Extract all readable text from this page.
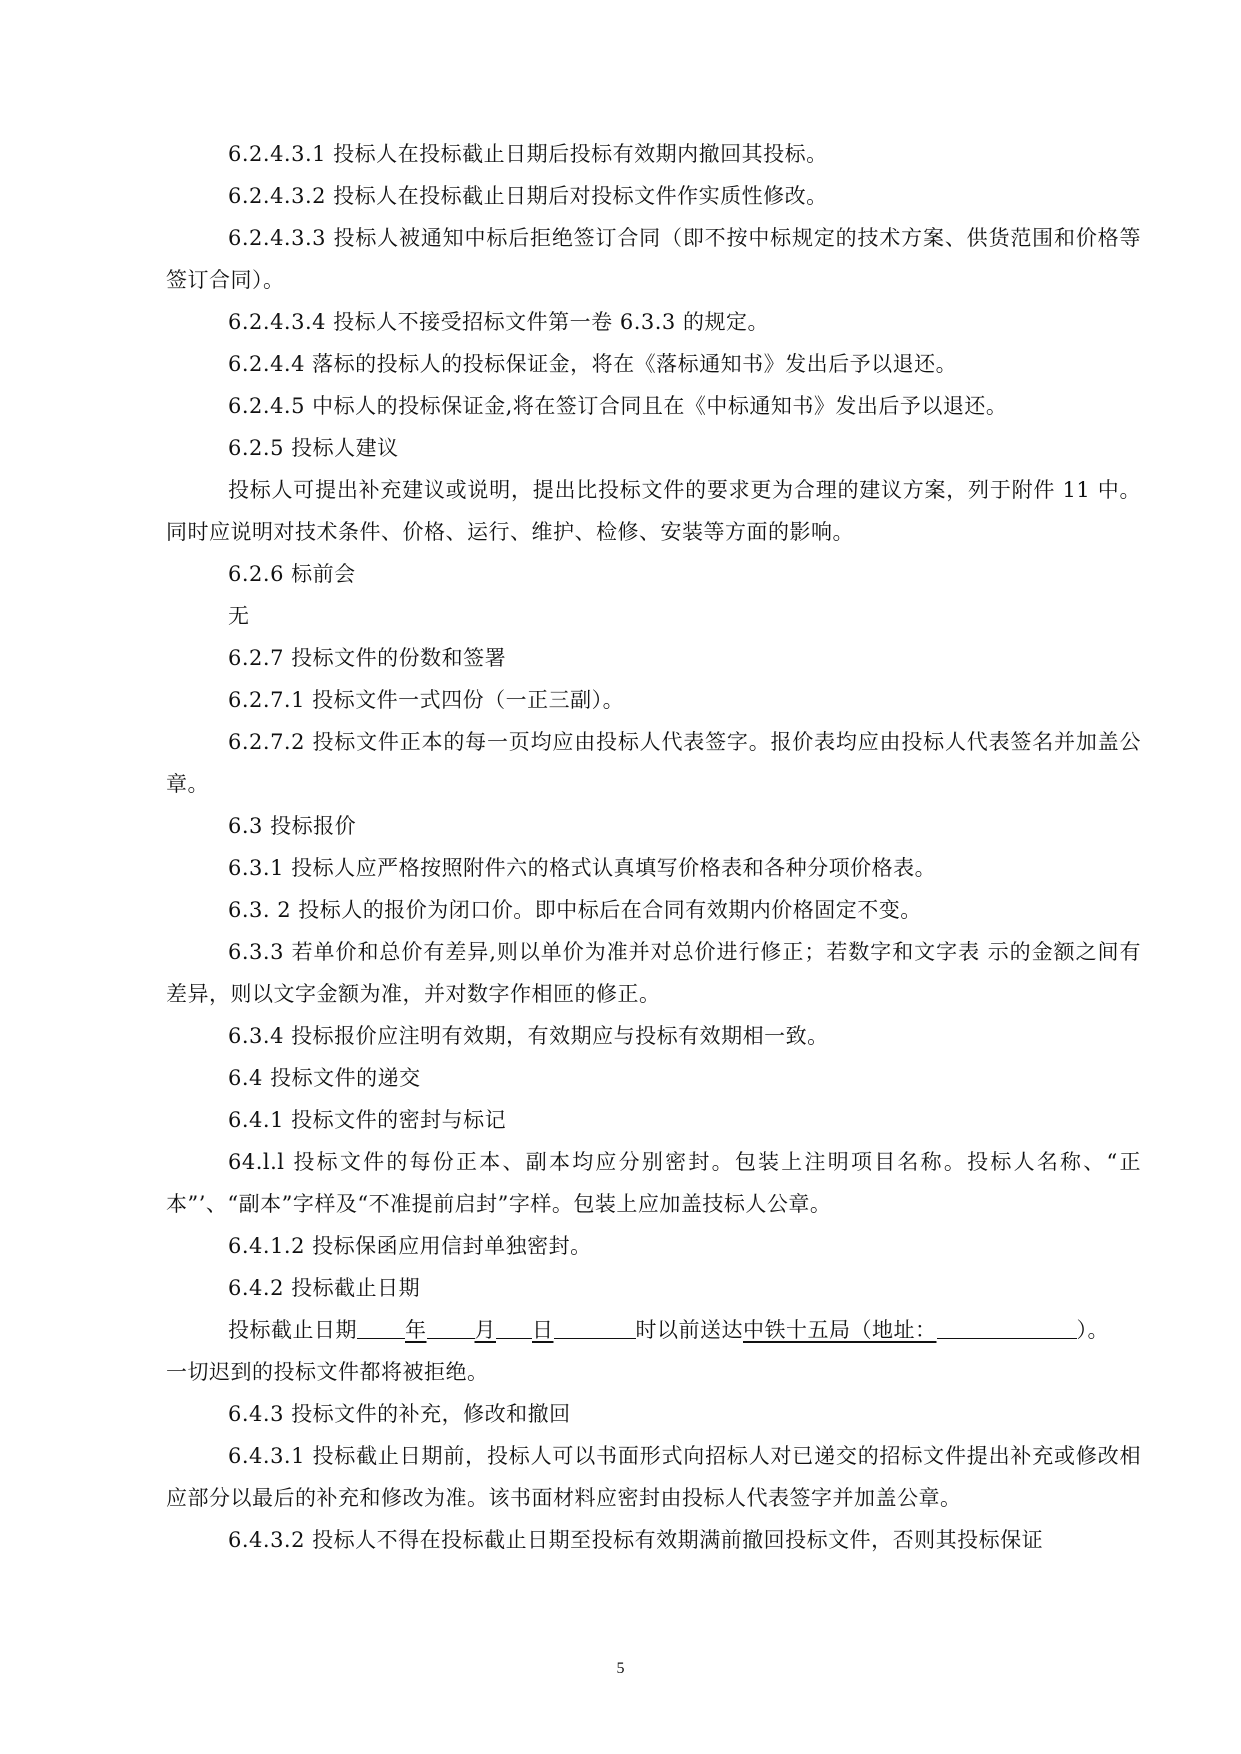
6.2.4.3.1 投标人在投标截止日期后投标有效期内撤回其投标。

6.2.4.3.2 投标人在投标截止日期后对投标文件作实质性修改。

6.2.4.3.3 投标人被通知中标后拒绝签订合同（即不按中标规定的技术方案、供货范围和价格等签订合同）。

6.2.4.3.4 投标人不接受招标文件第一卷 6.3.3 的规定。

6.2.4.4 落标的投标人的投标保证金，将在《落标通知书》发出后予以退还。

6.2.4.5 中标人的投标保证金,将在签订合同且在《中标通知书》发出后予以退还。

6.2.5 投标人建议

投标人可提出补充建议或说明，提出比投标文件的要求更为合理的建议方案，列于附件 11 中。同时应说明对技术条件、价格、运行、维护、检修、安装等方面的影响。

6.2.6 标前会

无

6.2.7 投标文件的份数和签署

6.2.7.1 投标文件一式四份（一正三副）。

6.2.7.2 投标文件正本的每一页均应由投标人代表签字。报价表均应由投标人代表签名并加盖公章。

6.3 投标报价

6.3.1 投标人应严格按照附件六的格式认真填写价格表和各种分项价格表。

6.3. 2 投标人的报价为闭口价。即中标后在合同有效期内价格固定不变。

6.3.3 若单价和总价有差异,则以单价为准并对总价进行修正；若数字和文字表 示的金额之间有差异，则以文字金额为准，并对数字作相匝的修正。

6.3.4 投标报价应注明有效期，有效期应与投标有效期相一致。

6.4 投标文件的递交

6.4.1 投标文件的密封与标记

64.l.l 投标文件的每份正本、副本均应分别密封。包装上注明项目名称。投标人名称、“正本”’、“副本”字样及“不准提前启封”字样。包装上应加盖技标人公章。

6.4.1.2 投标保函应用信封单独密封。

6.4.2 投标截止日期

投标截止日期 年 月 日	时以前送达中铁十五局（地址：	）。

一切迟到的投标文件都将被拒绝。

6.4.3 投标文件的补充，修改和撤回

6.4.3.1 投标截止日期前，投标人可以书面形式向招标人对已递交的招标文件提出补充或修改相应部分以最后的补充和修改为准。该书面材料应密封由投标人代表签字并加盖公章。

6.4.3.2 投标人不得在投标截止日期至投标有效期满前撤回投标文件，否则其投标保证

5
